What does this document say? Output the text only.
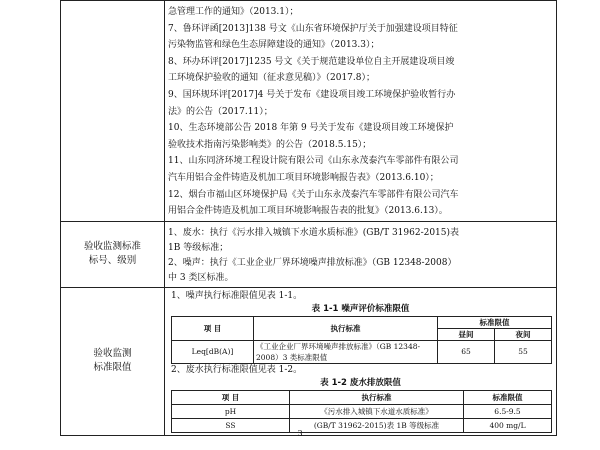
急管理工作的通知》（2013.1）；
7、鲁环评函[2013]138 号文《山东省环境保护厅关于加强建设项目特征
污染物监管和绿色生态屏障建设的通知》（2013.3）；
8、环办环评[2017]1235 号文《关于规范建设单位自主开展建设项目竣
工环境保护验收的通知（征求意见稿）》（2017.8）；
9、国环规环评[2017]4 号关于发布《建设项目竣工环境保护验收暂行办
法》的公告（2017.11）；
10、生态环境部公告 2018 年第 9 号关于发布《建设项目竣工环境保护
验收技术指南污染影响类》的公告（2018.5.15）；
11、山东同济环境工程设计院有限公司《山东永茂泰汽车零部件有限公司
汽车用铝合金件铸造及机加工项目环境影响报告表》（2013.6.10）；
12、烟台市福山区环境保护局《关于山东永茂泰汽车零部件有限公司汽车
用铝合金件铸造及机加工项目环境影响报告表的批复》（2013.6.13）。

验收监测标准
标号、级别

1、废水：执行《污水排入城镇下水道水质标准》(GB/T 31962-2015)表
1B 等级标准；
2、噪声：执行《工业企业厂界环境噪声排放标准》（GB 12348-2008）
中 3 类区标准。

验收监测
标准限值

1、噪声执行标准限值见表 1-1。
表 1-1 噪声评价标准限值
项 目	执行标准	标准限值
昼间	夜间
Leq[dB(A)]	《工业企业厂界环境噪声排放标准》（GB 12348-2008）3 类标准限值	65	55
2、废水执行标准限值见表 1-2。
表 1-2 废水排放限值
项 目	执行标准	标准限值
pH	《污水排入城镇下水道水质标准》	6.5-9.5
SS	(GB/T 31962-2015)表 1B 等级标准	400 mg/L
3
